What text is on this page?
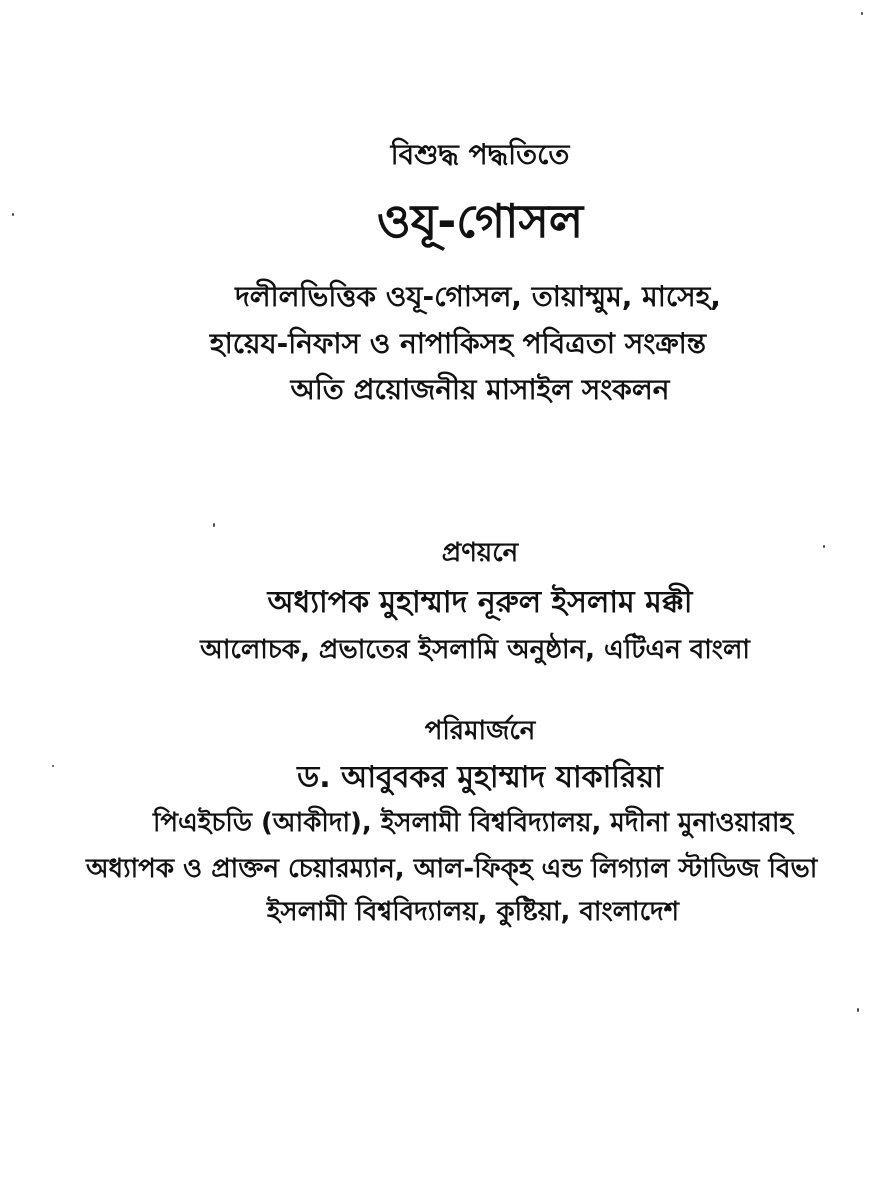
বিশুদ্ধ পদ্ধতিতে
ওযূ-গোসল
দলীলভিত্তিক ওযূ-গোসল, তায়াম্মুম, মাসেহ,
হায়েয-নিফাস ও নাপাকিসহ পবিত্রতা সংক্রান্ত
অতি প্রয়োজনীয় মাসাইল সংকলন
প্রণয়নে
অধ্যাপক মুহাম্মাদ নূরুল ইসলাম মক্কী
আলোচক, প্রভাতের ইসলামি অনুষ্ঠান, এটিএন বাংলা
পরিমার্জনে
ড. আবুবকর মুহাম্মাদ যাকারিয়া
পিএইচডি (আকীদা), ইসলামী বিশ্ববিদ্যালয়, মদীনা মুনাওয়ারাহ
অধ্যাপক ও প্রাক্তন চেয়ারম্যান, আল-ফিক্‌হ এন্ড লিগ্যাল স্টাডিজ বিভা
ইসলামী বিশ্ববিদ্যালয়, কুষ্টিয়া, বাংলাদেশ
